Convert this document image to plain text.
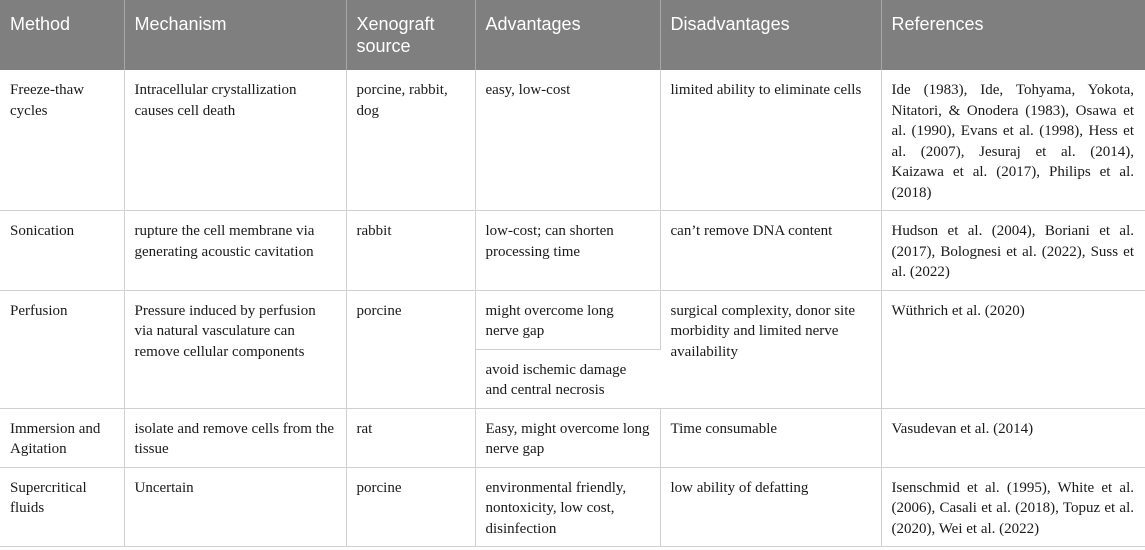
Method	Mechanism	Xenograft source	Advantages	Disadvantages	References
Freeze-thaw cycles	Intracellular crystallization causes cell death	porcine, rabbit, dog	easy, low-cost	limited ability to eliminate cells	Ide (1983), Ide, Tohyama, Yokota, Nitatori, & Onodera (1983), Osawa et al. (1990), Evans et al. (1998), Hess et al. (2007), Jesuraj et al. (2014), Kaizawa et al. (2017), Philips et al. (2018)
Sonication	rupture the cell membrane via generating acoustic cavitation	rabbit	low-cost; can shorten processing time	can’t remove DNA content	Hudson et al. (2004), Boriani et al. (2017), Bolognesi et al. (2022), Suss et al. (2022)
Perfusion	Pressure induced by perfusion via natural vasculature can remove cellular components	porcine	might overcome long nerve gap	surgical complexity, donor site morbidity and limited nerve availability	Wüthrich et al. (2020)
			avoid ischemic damage and central necrosis		
Immersion and Agitation	isolate and remove cells from the tissue	rat	Easy, might overcome long nerve gap	Time consumable	Vasudevan et al. (2014)
Supercritical fluids	Uncertain	porcine	environmental friendly, nontoxicity, low cost, disinfection	low ability of defatting	Isenschmid et al. (1995), White et al. (2006), Casali et al. (2018), Topuz et al. (2020), Wei et al. (2022)
